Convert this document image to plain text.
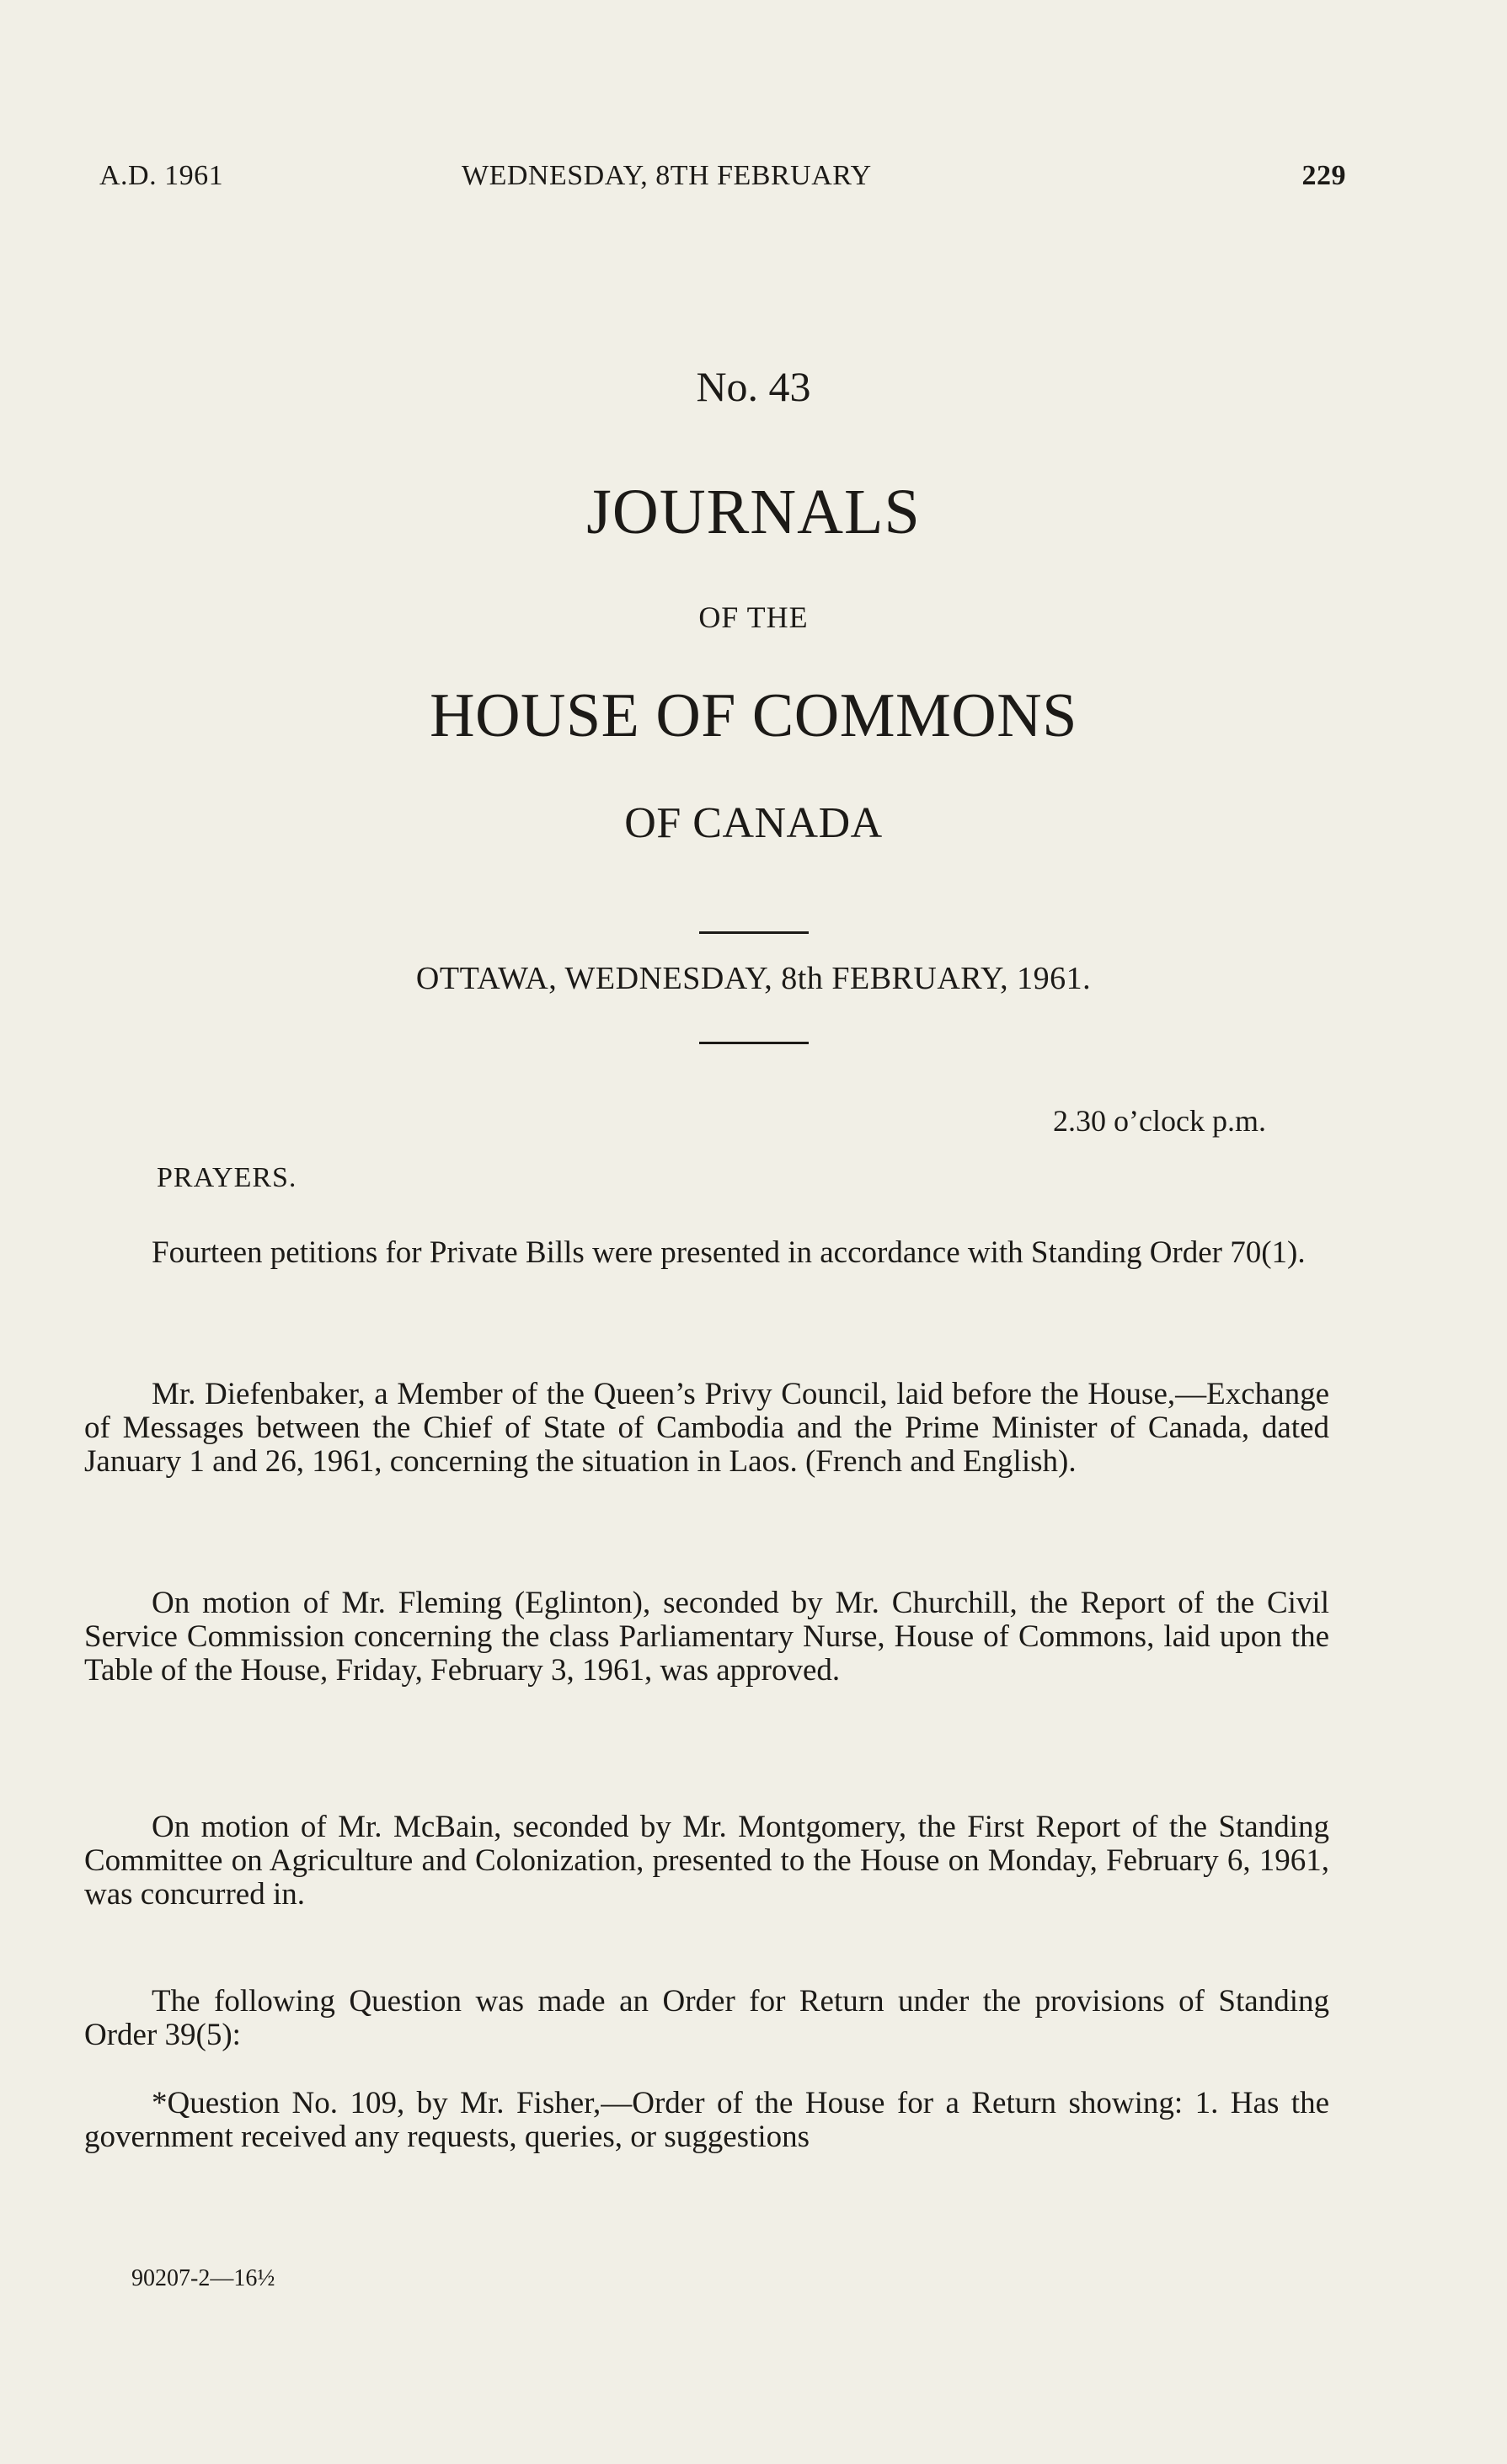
A.D. 1961	WEDNESDAY, 8TH FEBRUARY	229
No. 43
JOURNALS
OF THE
HOUSE OF COMMONS
OF CANADA
OTTAWA, WEDNESDAY, 8th FEBRUARY, 1961.
2.30 o’clock p.m.
PRAYERS.
Fourteen petitions for Private Bills were presented in accordance with Standing Order 70(1).
Mr. Diefenbaker, a Member of the Queen’s Privy Council, laid before the House,—Exchange of Messages between the Chief of State of Cambodia and the Prime Minister of Canada, dated January 1 and 26, 1961, concerning the situation in Laos. (French and English).
On motion of Mr. Fleming (Eglinton), seconded by Mr. Churchill, the Report of the Civil Service Commission concerning the class Parliamentary Nurse, House of Commons, laid upon the Table of the House, Friday, February 3, 1961, was approved.
On motion of Mr. McBain, seconded by Mr. Montgomery, the First Report of the Standing Committee on Agriculture and Colonization, presented to the House on Monday, February 6, 1961, was concurred in.
The following Question was made an Order for Return under the provisions of Standing Order 39(5):
*Question No. 109, by Mr. Fisher,—Order of the House for a Return showing: 1. Has the government received any requests, queries, or suggestions
90207-2—16½
